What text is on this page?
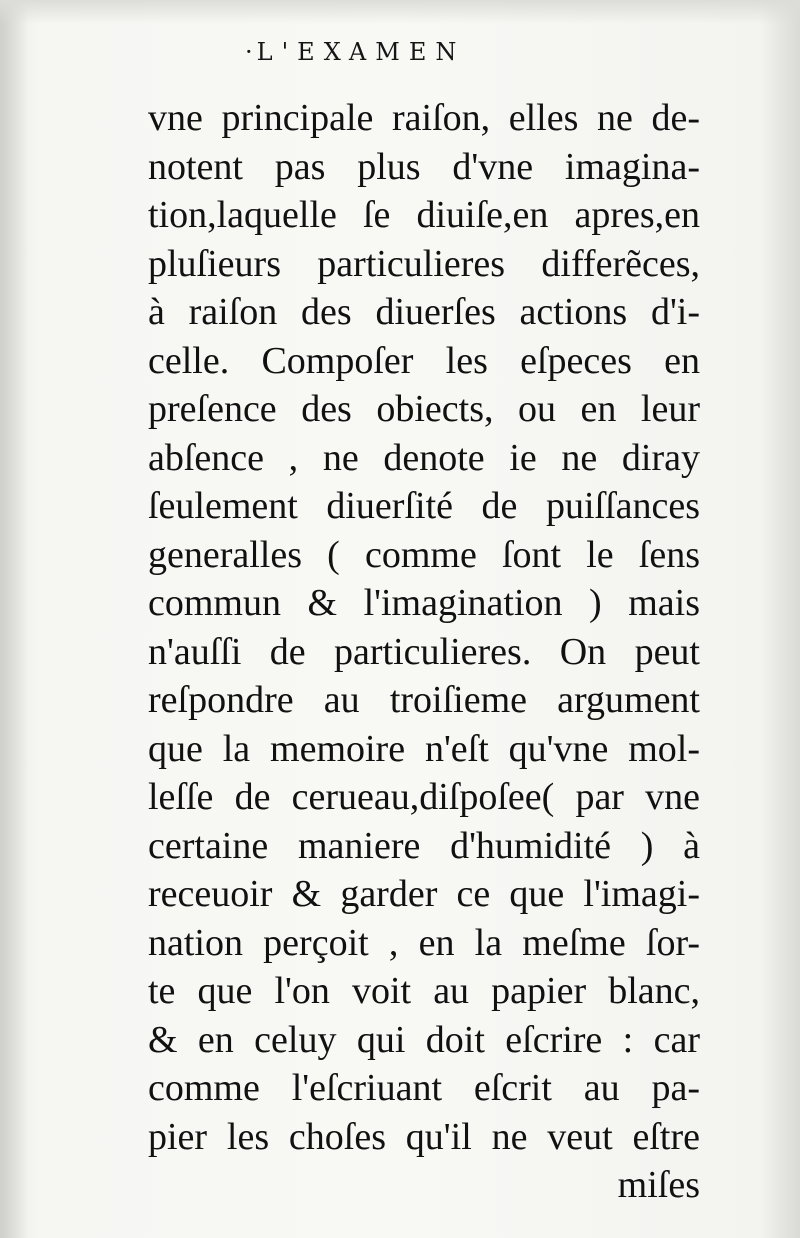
· L'EXAMEN
vne principale raiſon, elles ne de-
notent pas plus d'vne imagina-
tion,laquelle ſe diuiſe,en apres,en
pluſieurs particulieres differẽces,
à raiſon des diuerſes actions d'i-
celle. Compoſer les eſpeces en
preſence des obiects, ou en leur
abſence , ne denote ie ne diray
ſeulement diuerſité de puiſſances
generalles ( comme ſont le ſens
commun & l'imagination ) mais
n'auſſi de particulieres. On peut
reſpondre au troiſieme argument
que la memoire n'eſt qu'vne mol-
leſſe de cerueau,diſpoſee( par vne
certaine maniere d'humidité ) à
receuoir & garder ce que l'imagi-
nation perçoit , en la meſme ſor-
te que l'on voit au papier blanc,
& en celuy qui doit eſcrire : car
comme l'eſcriuant eſcrit au pa-
pier les choſes qu'il ne veut eſtre
miſes
